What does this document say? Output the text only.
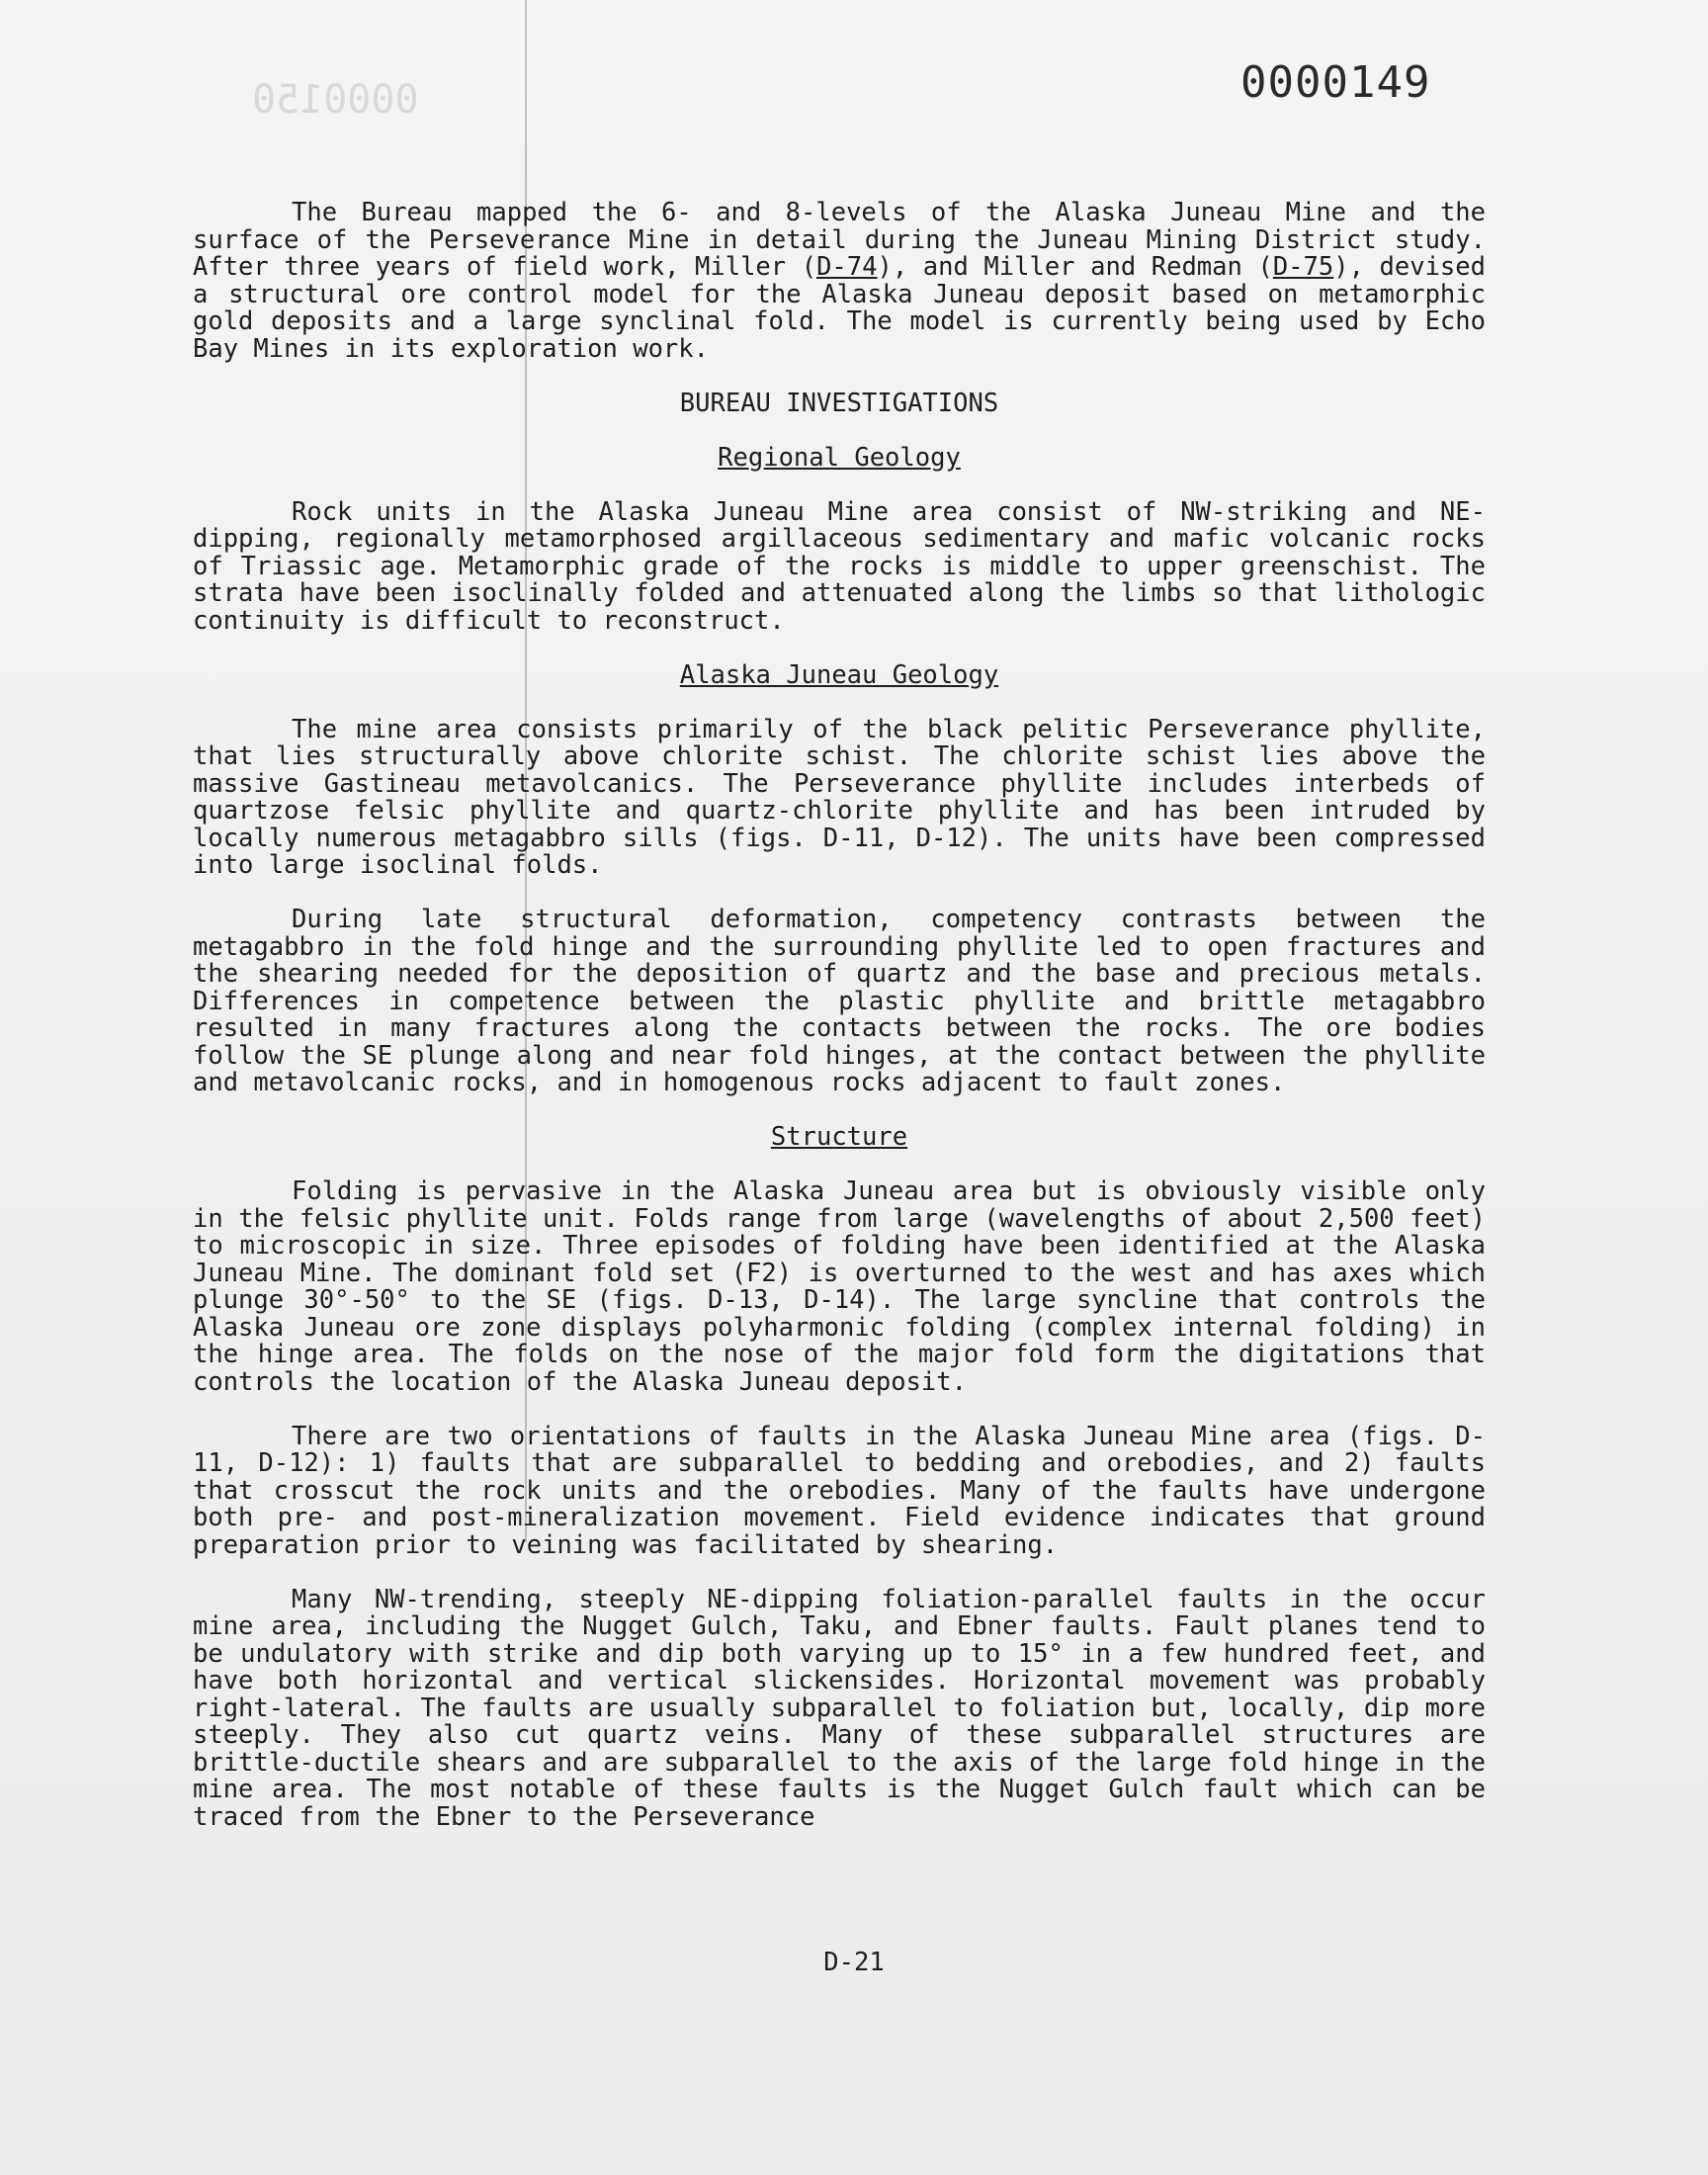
0000149
0000150

The Bureau mapped the 6- and 8-levels of the Alaska Juneau Mine and the surface of the Perseverance Mine in detail during the Juneau Mining District study. After three years of field work, Miller (D-74), and Miller and Redman (D-75), devised a structural ore control model for the Alaska Juneau deposit based on metamorphic gold deposits and a large synclinal fold. The model is currently being used by Echo Bay Mines in its exploration work.

BUREAU INVESTIGATIONS

Regional Geology

Rock units in the Alaska Juneau Mine area consist of NW-striking and NE-dipping, regionally metamorphosed argillaceous sedimentary and mafic volcanic rocks of Triassic age. Metamorphic grade of the rocks is middle to upper greenschist. The strata have been isoclinally folded and attenuated along the limbs so that lithologic continuity is difficult to reconstruct.

Alaska Juneau Geology

The mine area consists primarily of the black pelitic Perseverance phyllite, that lies structurally above chlorite schist. The chlorite schist lies above the massive Gastineau metavolcanics. The Perseverance phyllite includes interbeds of quartzose felsic phyllite and quartz-chlorite phyllite and has been intruded by locally numerous metagabbro sills (figs. D-11, D-12). The units have been compressed into large isoclinal folds.

During late structural deformation, competency contrasts between the metagabbro in the fold hinge and the surrounding phyllite led to open fractures and the shearing needed for the deposition of quartz and the base and precious metals. Differences in competence between the plastic phyllite and brittle metagabbro resulted in many fractures along the contacts between the rocks. The ore bodies follow the SE plunge along and near fold hinges, at the contact between the phyllite and metavolcanic rocks, and in homogenous rocks adjacent to fault zones.

Structure

Folding is pervasive in the Alaska Juneau area but is obviously visible only in the felsic phyllite unit. Folds range from large (wavelengths of about 2,500 feet) to microscopic in size. Three episodes of folding have been identified at the Alaska Juneau Mine. The dominant fold set (F2) is overturned to the west and has axes which plunge 30°-50° to the SE (figs. D-13, D-14). The large syncline that controls the Alaska Juneau ore zone displays polyharmonic folding (complex internal folding) in the hinge area. The folds on the nose of the major fold form the digitations that controls the location of the Alaska Juneau deposit.

There are two orientations of faults in the Alaska Juneau Mine area (figs. D-11, D-12): 1) faults that are subparallel to bedding and orebodies, and 2) faults that crosscut the rock units and the orebodies. Many of the faults have undergone both pre- and post-mineralization movement. Field evidence indicates that ground preparation prior to veining was facilitated by shearing.

Many NW-trending, steeply NE-dipping foliation-parallel faults in the occur mine area, including the Nugget Gulch, Taku, and Ebner faults. Fault planes tend to be undulatory with strike and dip both varying up to 15° in a few hundred feet, and have both horizontal and vertical slickensides. Horizontal movement was probably right-lateral. The faults are usually subparallel to foliation but, locally, dip more steeply. They also cut quartz veins. Many of these subparallel structures are brittle-ductile shears and are subparallel to the axis of the large fold hinge in the mine area. The most notable of these faults is the Nugget Gulch fault which can be traced from the Ebner to the Perseverance

D-21
